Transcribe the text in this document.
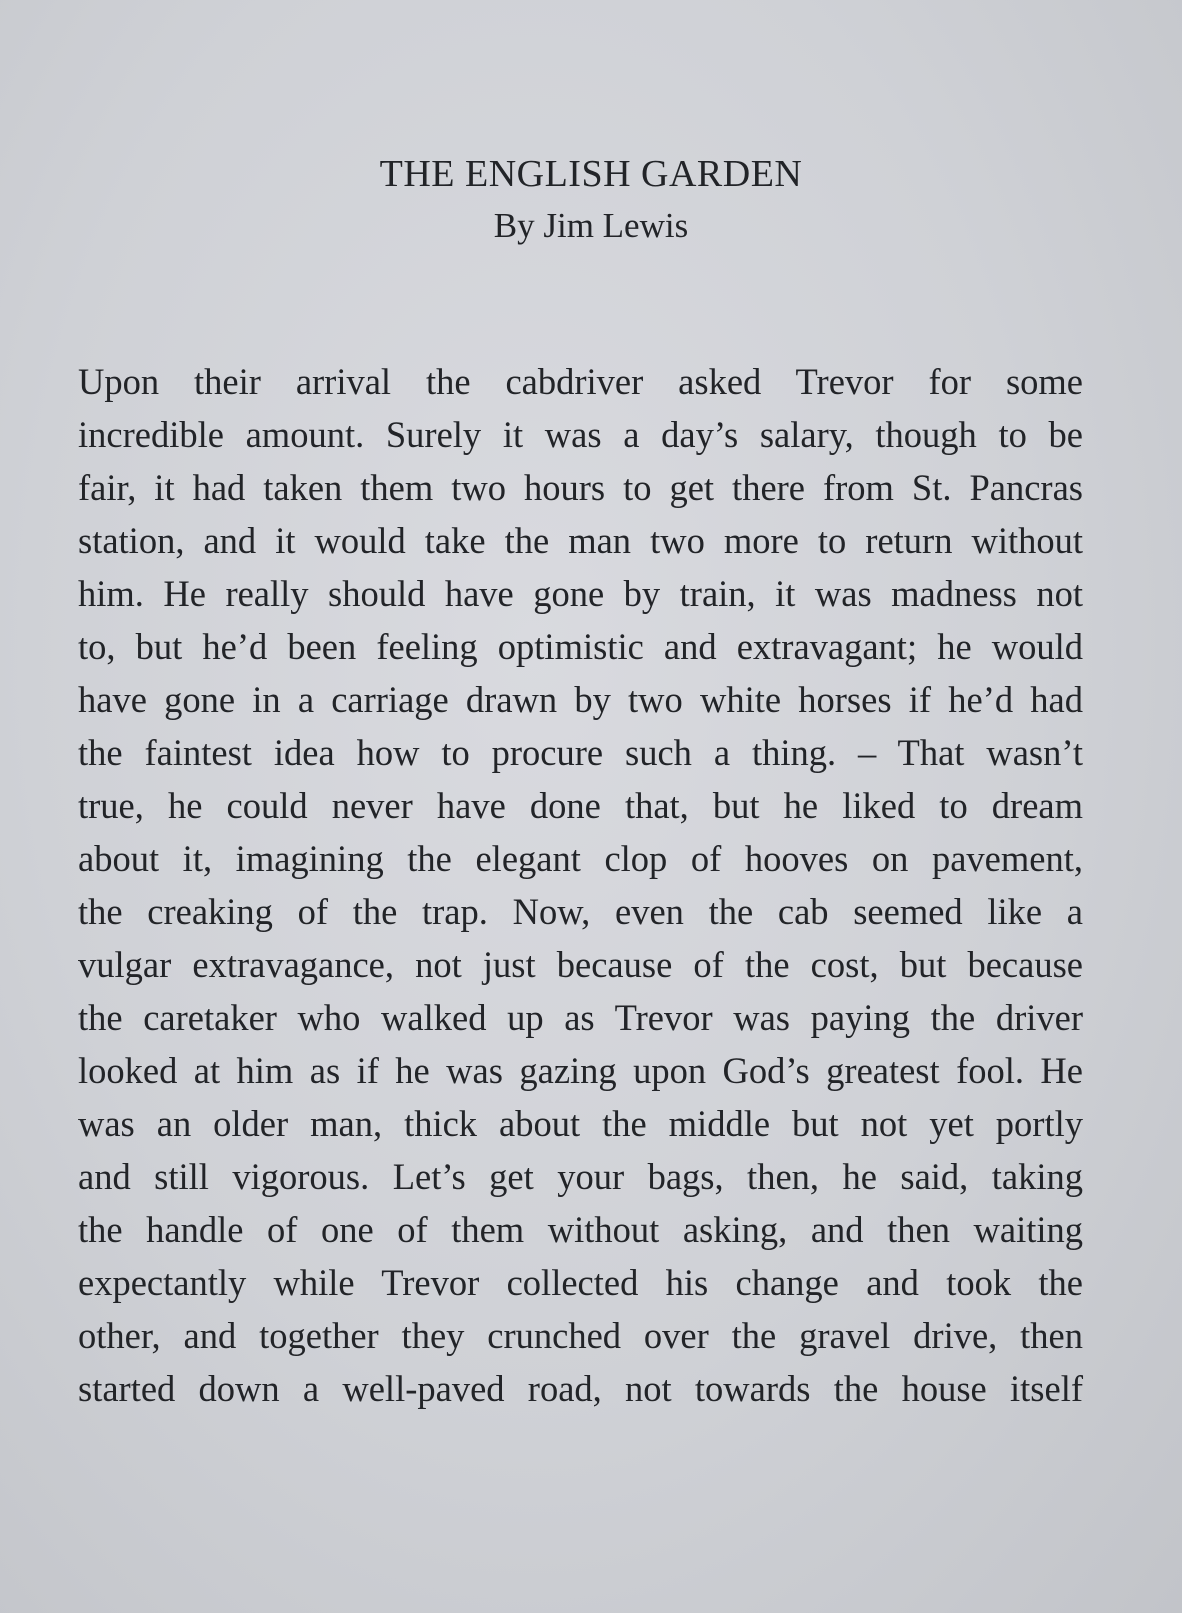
THE ENGLISH GARDEN

By Jim Lewis

Upon their arrival the cabdriver asked Trevor for some
incredible amount. Surely it was a day’s salary, though to be
fair, it had taken them two hours to get there from St. Pancras
station, and it would take the man two more to return without
him. He really should have gone by train, it was madness not
to, but he’d been feeling optimistic and extravagant; he would
have gone in a carriage drawn by two white horses if he’d had
the faintest idea how to procure such a thing. – That wasn’t
true, he could never have done that, but he liked to dream
about it, imagining the elegant clop of hooves on pavement,
the creaking of the trap. Now, even the cab seemed like a
vulgar extravagance, not just because of the cost, but because
the caretaker who walked up as Trevor was paying the driver
looked at him as if he was gazing upon God’s greatest fool. He
was an older man, thick about the middle but not yet portly
and still vigorous. Let’s get your bags, then, he said, taking
the handle of one of them without asking, and then waiting
expectantly while Trevor collected his change and took the
other, and together they crunched over the gravel drive, then
started down a well-paved road, not towards the house itself
